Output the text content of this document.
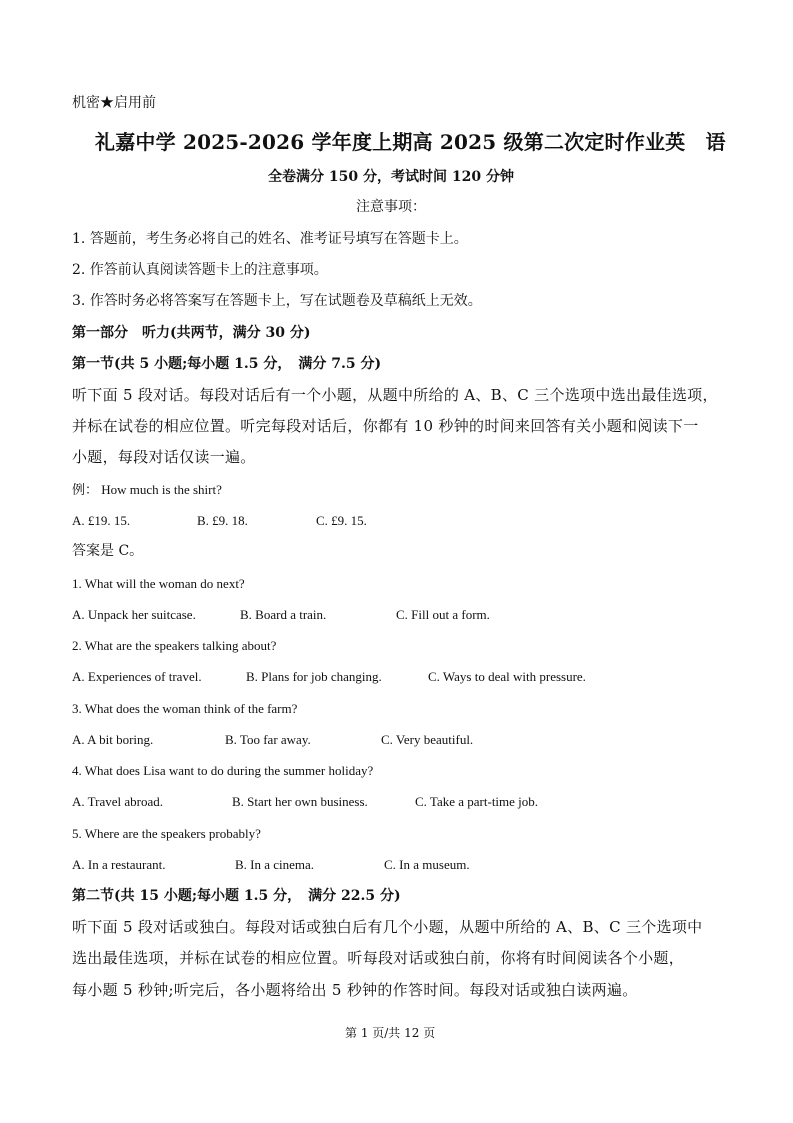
机密★启用前
礼嘉中学 2025-2026 学年度上期高 2025 级第二次定时作业英　语
全卷满分 150 分，考试时间 120 分钟
注意事项：
1. 答题前，考生务必将自己的姓名、准考证号填写在答题卡上。
2. 作答前认真阅读答题卡上的注意事项。
3. 作答时务必将答案写在答题卡上，写在试题卷及草稿纸上无效。
第一部分　听力(共两节，满分 30 分)
第一节(共 5 小题;每小题 1.5 分，　满分 7.5 分)
听下面 5 段对话。每段对话后有一个小题，从题中所给的 A、B、C 三个选项中选出最佳选项，
并标在试卷的相应位置。听完每段对话后，你都有 10 秒钟的时间来回答有关小题和阅读下一
小题，每段对话仅读一遍。
例： How much is the shirt?
A. £19. 15.	B. £9. 18.	C. £9. 15.
答案是 C。
1. What will the woman do next?
A. Unpack her suitcase.	B. Board a train.	C. Fill out a form.
2. What are the speakers talking about?
A. Experiences of travel.	B. Plans for job changing.	C. Ways to deal with pressure.
3. What does the woman think of the farm?
A. A bit boring.	B. Too far away.	C. Very beautiful.
4. What does Lisa want to do during the summer holiday?
A. Travel abroad.	B. Start her own business.	C. Take a part-time job.
5. Where are the speakers probably?
A. In a restaurant.	B. In a cinema.	C. In a museum.
第二节(共 15 小题;每小题 1.5 分，　满分 22.5 分)
听下面 5 段对话或独白。每段对话或独白后有几个小题，从题中所给的 A、B、C 三个选项中
选出最佳选项，并标在试卷的相应位置。听每段对话或独白前，你将有时间阅读各个小题，
每小题 5 秒钟;听完后，各小题将给出 5 秒钟的作答时间。每段对话或独白读两遍。
第 1 页/共 12 页
